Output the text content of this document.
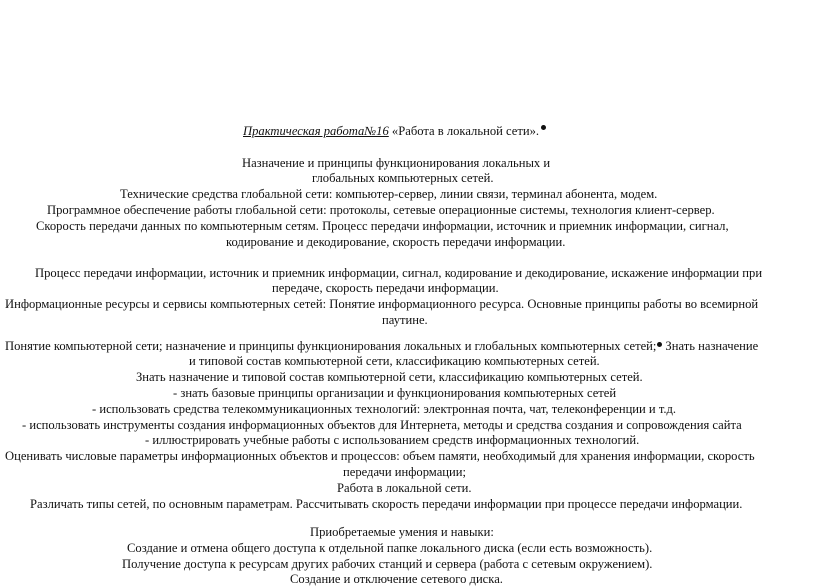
Практическая работа№16 «Работа в локальной сети».
Назначение и принципы функционирования локальных и
глобальных компьютерных сетей.
Технические средства глобальной сети: компьютер-сервер, линии связи, терминал абонента, модем.
Программное обеспечение работы глобальной сети: протоколы, сетевые операционные системы, технология клиент-сервер.
Скорость передачи данных по компьютерным сетям. Процесс передачи информации, источник и приемник информации, сигнал,
кодирование и декодирование, скорость передачи информации.
Процесс передачи информации, источник и приемник информации, сигнал, кодирование и декодирование, искажение информации при
передаче, скорость передачи информации.
Информационные ресурсы и сервисы компьютерных сетей: Понятие информационного ресурса. Основные принципы работы во всемирной
паутине.
Понятие компьютерной сети; назначение и принципы функционирования локальных и глобальных компьютерных сетей; Знать назначение
и типовой состав компьютерной сети, классификацию компьютерных сетей.
Знать назначение и типовой состав компьютерной сети, классификацию компьютерных сетей.
- знать базовые принципы организации и функционирования компьютерных сетей
- использовать средства телекоммуникационных технологий: электронная почта, чат, телеконференции и т.д.
- использовать инструменты создания информационных объектов для Интернета, методы и средства создания и сопровождения сайта
- иллюстрировать учебные работы с использованием средств информационных технологий.
Оценивать числовые параметры информационных объектов и процессов: объем памяти, необходимый для хранения информации, скорость
передачи информации;
Работа в локальной сети.
Различать типы сетей, по основным параметрам. Рассчитывать скорость передачи информации при процессе передачи информации.
Приобретаемые умения и навыки:
Создание и отмена общего доступа к отдельной папке локального диска (если есть возможность).
Получение доступа к ресурсам других рабочих станций и сервера (работа с сетевым окружением).
Создание и отключение сетевого диска.
